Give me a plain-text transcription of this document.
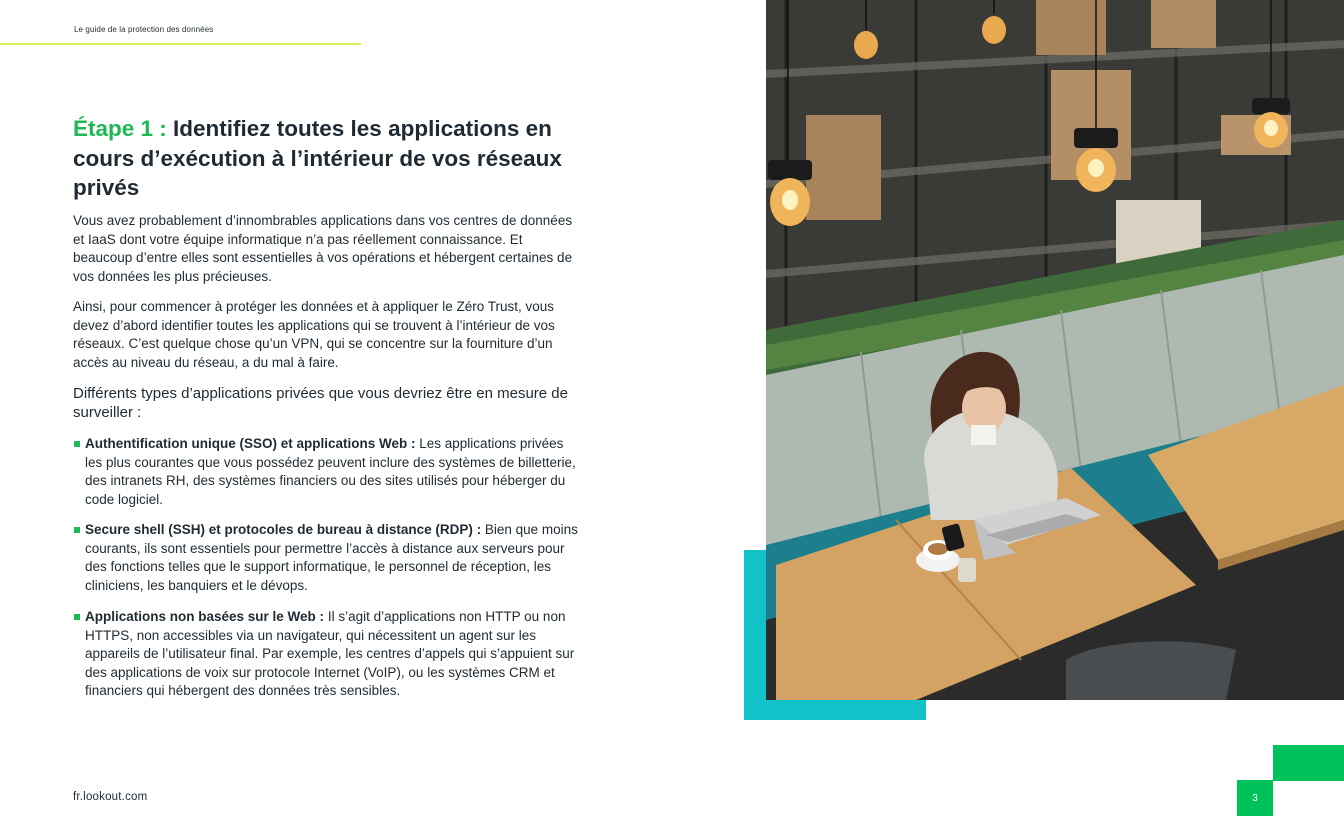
Le guide de la protection des données
Étape 1 : Identifiez toutes les applications en cours d’exécution à l’intérieur de vos réseaux privés

Vous avez probablement d’innombrables applications dans vos centres de données et IaaS dont votre équipe informatique n’a pas réellement connaissance. Et beaucoup d’entre elles sont essentielles à vos opérations et hébergent certaines de vos données les plus précieuses.

Ainsi, pour commencer à protéger les données et à appliquer le Zéro Trust, vous devez d’abord identifier toutes les applications qui se trouvent à l’intérieur de vos réseaux. C’est quelque chose qu’un VPN, qui se concentre sur la fourniture d’un accès au niveau du réseau, a du mal à faire.

Différents types d’applications privées que vous devriez être en mesure de surveiller :

Authentification unique (SSO) et applications Web : Les applications privées les plus courantes que vous possédez peuvent inclure des systèmes de billetterie, des intranets RH, des systèmes financiers ou des sites utilisés pour héberger du code logiciel.
Secure shell (SSH) et protocoles de bureau à distance (RDP) : Bien que moins courants, ils sont essentiels pour permettre l’accès à distance aux serveurs pour des fonctions telles que le support informatique, le personnel de réception, les cliniciens, les banquiers et le dévops.
Applications non basées sur le Web : Il s’agit d’applications non HTTP ou non HTTPS, non accessibles via un navigateur, qui nécessitent un agent sur les appareils de l’utilisateur final. Par exemple, les centres d’appels qui s’appuient sur des applications de voix sur protocole Internet (VoIP), ou les systèmes CRM et financiers qui hébergent des données très sensibles.
fr.lookout.com	3
